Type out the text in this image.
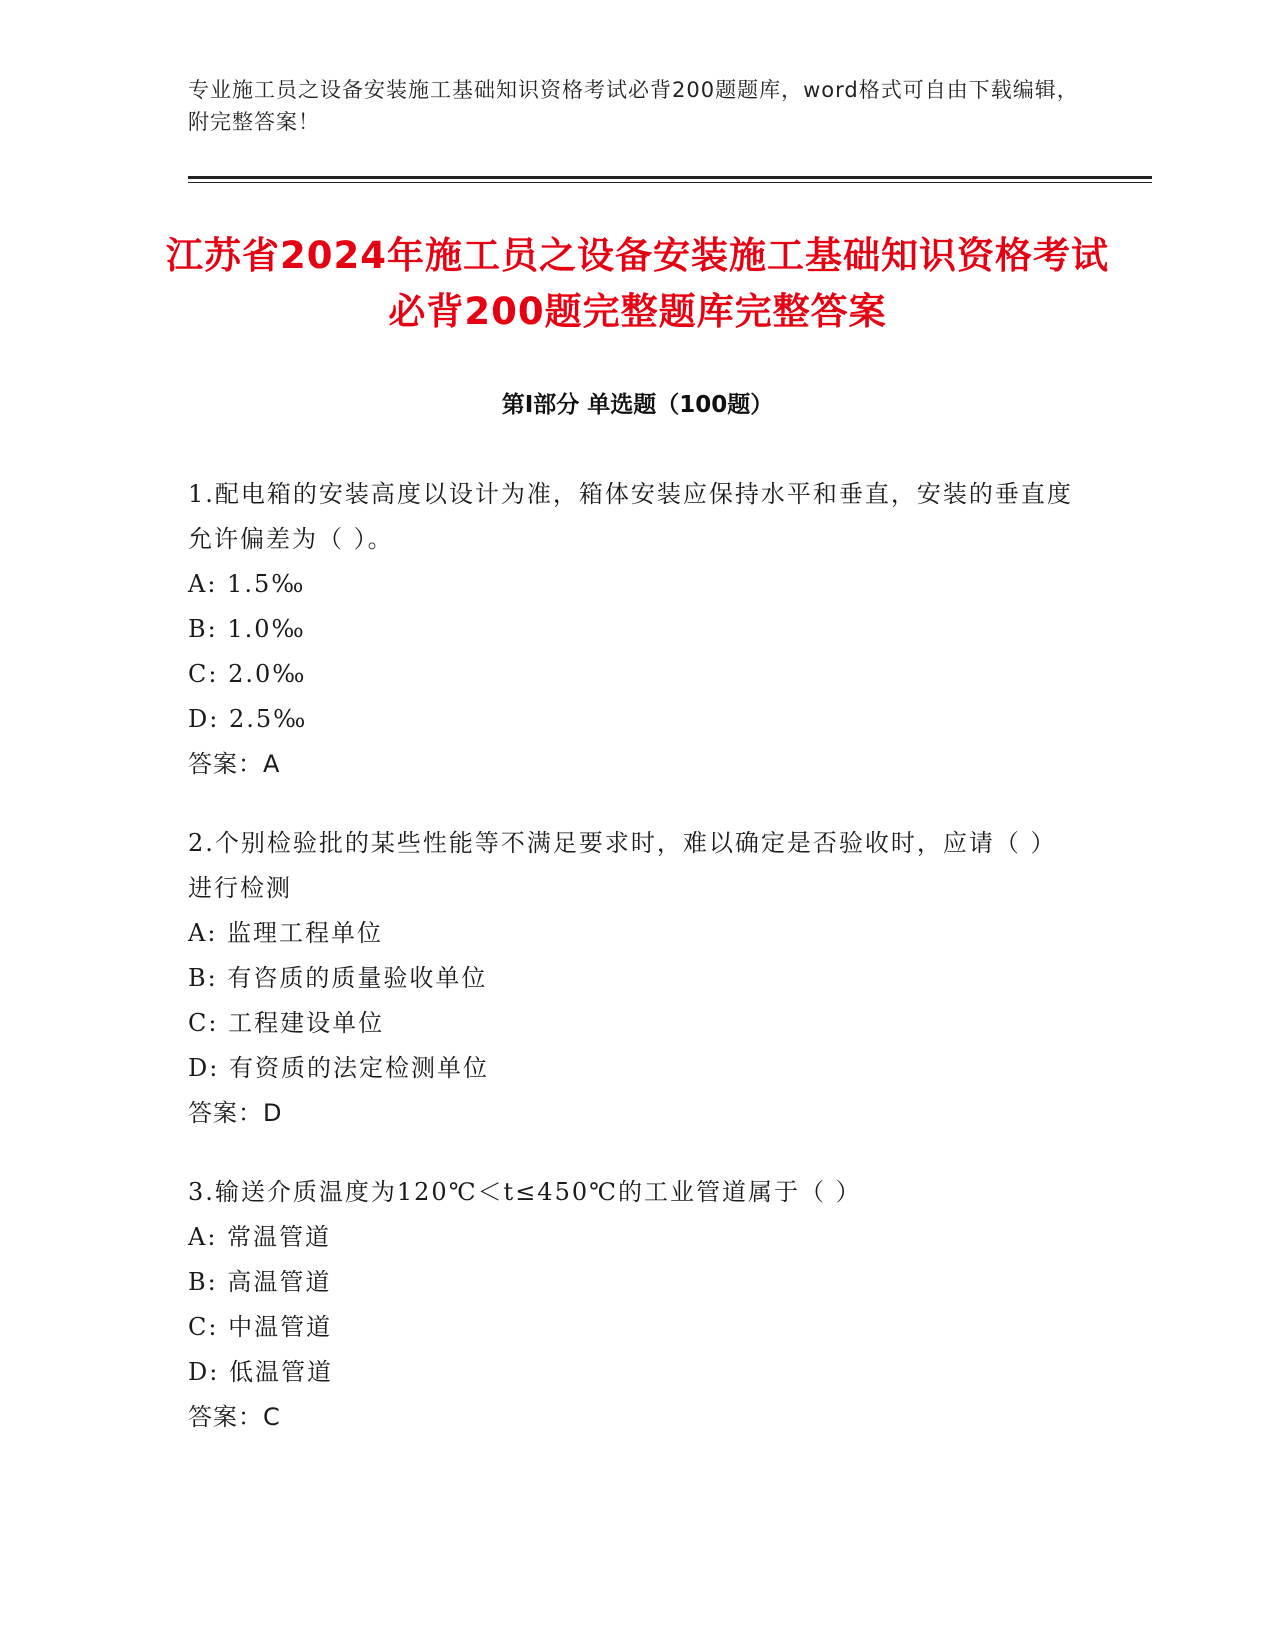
专业施工员之设备安装施工基础知识资格考试必背200题题库，word格式可自由下载编辑，附完整答案！
江苏省2024年施工员之设备安装施工基础知识资格考试必背200题完整题库完整答案
第Ⅰ部分 单选题（100题）
1.配电箱的安装高度以设计为准，箱体安装应保持水平和垂直，安装的垂直度允许偏差为（ ）。
A: 1.5‰
B: 1.0‰
C: 2.0‰
D: 2.5‰
答案：A
2.个别检验批的某些性能等不满足要求时，难以确定是否验收时，应请（ ）进行检测
A: 监理工程单位
B: 有咨质的质量验收单位
C: 工程建设单位
D: 有资质的法定检测单位
答案：D
3.输送介质温度为120℃＜t≤450℃的工业管道属于（ ）
A: 常温管道
B: 高温管道
C: 中温管道
D: 低温管道
答案：C
